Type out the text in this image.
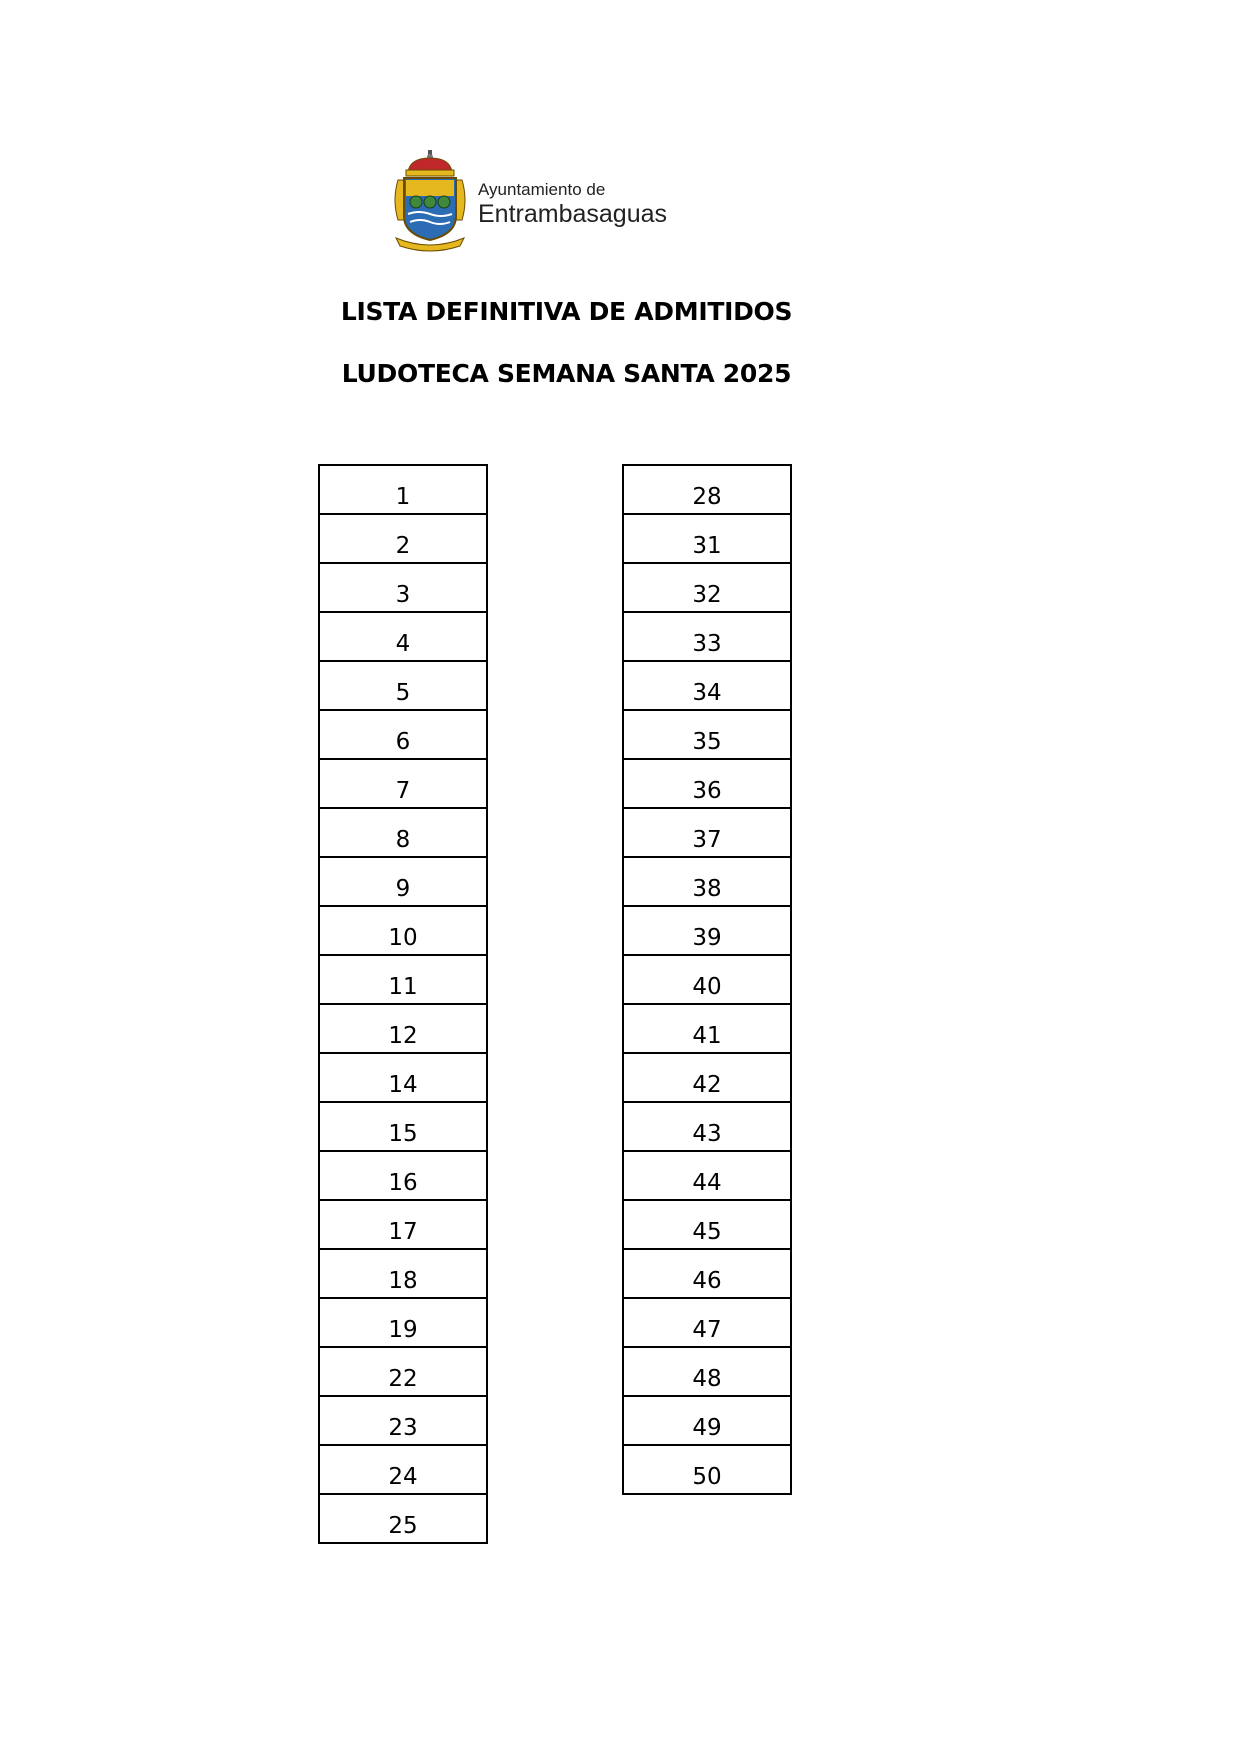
Ayuntamiento de
Entrambasaguas
LISTA DEFINITIVA DE ADMITIDOS
LUDOTECA SEMANA SANTA 2025
1
2
3
4
5
6
7
8
9
10
11
12
14
15
16
17
18
19
22
23
24
25
28
31
32
33
34
35
36
37
38
39
40
41
42
43
44
45
46
47
48
49
50
